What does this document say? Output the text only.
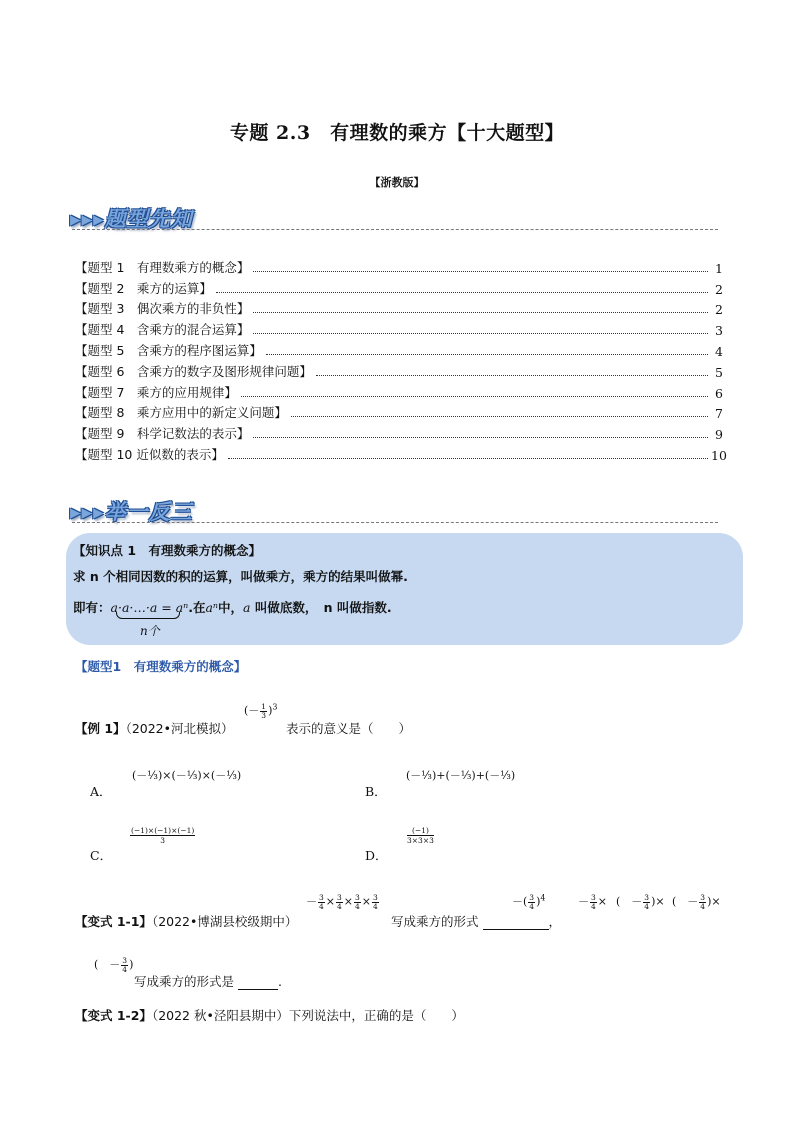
专题 2.3　有理数的乘方【十大题型】
【浙教版】
▸▸▸题型先知
【题型 1　有理数乘方的概念】	1
【题型 2　乘方的运算】	2
【题型 3　偶次乘方的非负性】	2
【题型 4　含乘方的混合运算】	3
【题型 5　含乘方的程序图运算】	4
【题型 6　含乘方的数字及图形规律问题】	5
【题型 7　乘方的应用规律】	6
【题型 8　乘方应用中的新定义问题】	7
【题型 9　科学记数法的表示】	9
【题型 10 近似数的表示】	10
▸▸▸举一反三
【知识点 1　有理数乘方的概念】
求 n 个相同因数的积的运算，叫做乘方，乘方的结果叫做幂.
即有：a·a·…·a = aⁿ.在aⁿ中，a 叫做底数，　n 叫做指数.
n个
【题型1　有理数乘方的概念】
【例 1】（2022•河北模拟）
(－ $\frac{1}{3} )^3$
表示的意义是（　　）
A．
(－⅓)×(－⅓)×(－⅓)
B．
(－⅓)+(－⅓)+(－⅓)
C．
$\frac{(-1)\times(-1)\times(-1)}{3}$
D．
$\frac{(-1)}{3\times 3\times 3}$
【变式 1-1】（2022•博湖县校级期中）
－ $\frac{3}{4} \times \frac{3}{4} \times \frac{3}{4} \times \frac{3}{4}$
写成乘方的形式	，
－( $\frac{3}{4} )^4$	－ $\frac{3}{4}$ × (　－ $\frac{3}{4}$ )× (　－ $\frac{3}{4}$ )×
(　－ $\frac{3}{4}$ )
写成乘方的形式是	.
【变式 1-2】（2022 秋•泾阳县期中）下列说法中，正确的是（　　）
